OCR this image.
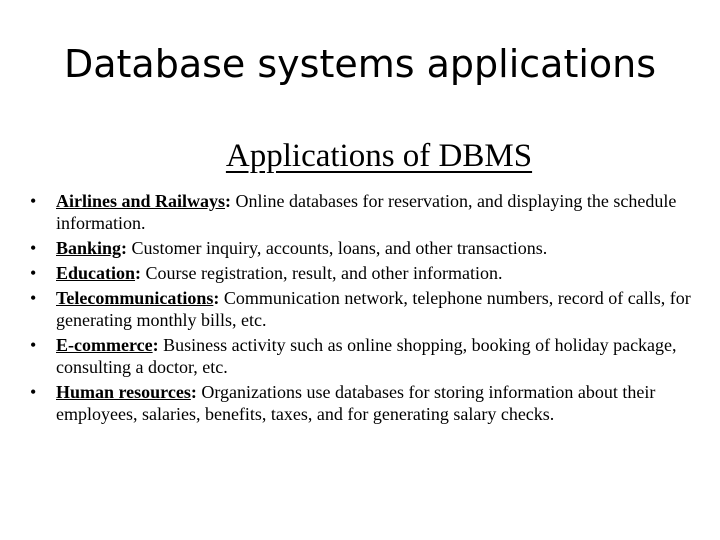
Database systems applications
Applications of DBMS
• Airlines and Railways: Online databases for reservation, and displaying the schedule information.
• Banking: Customer inquiry, accounts, loans, and other transactions.
• Education: Course registration, result, and other information.
• Telecommunications: Communication network, telephone numbers, record of calls, for generating monthly bills, etc.
• E-commerce: Business activity such as online shopping, booking of holiday package, consulting a doctor, etc.
• Human resources: Organizations use databases for storing information about their employees, salaries, benefits, taxes, and for generating salary checks.
